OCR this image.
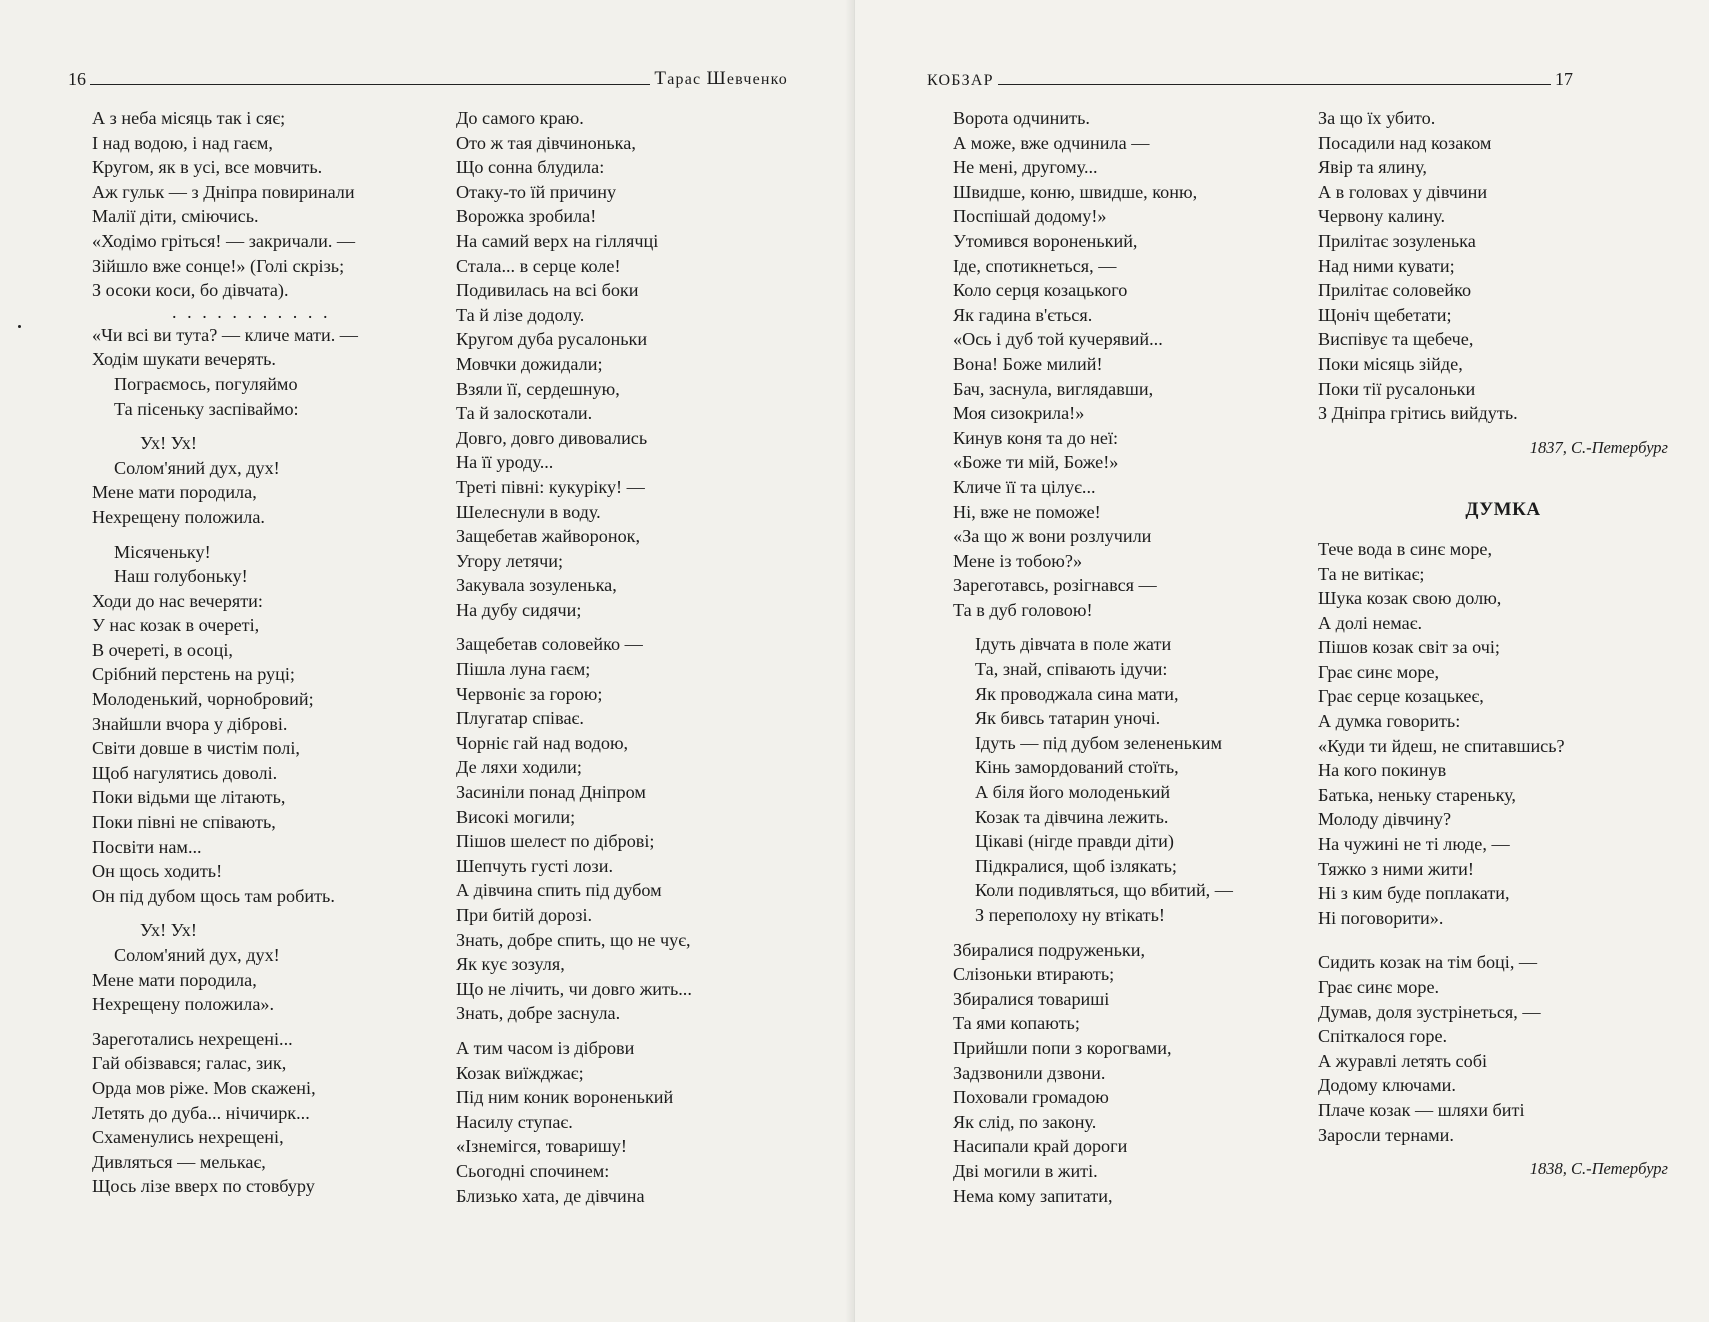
16	Тарас Шевченко
А з неба місяць так і сяє;
І над водою, і над гаєм,
Кругом, як в усі, все мовчить.
Аж гульк — з Дніпра повиринали
Малії діти, сміючись.
«Ходімо гріться! — закричали. —
Зійшло вже сонце!» (Голі скрізь;
З осоки коси, бо дівчата).
. . . . . . . . . . .
«Чи всі ви тута? — кличе мати. —
Ходім шукати вечерять.
Пограємось, погуляймо
Та пісеньку заспіваймо:
Ух! Ух!
Солом'яний дух, дух!
Мене мати породила,
Нехрещену положила.
Місяченьку!
Наш голубоньку!
Ходи до нас вечеряти:
У нас козак в очереті,
В очереті, в осоці,
Срібний перстень на руці;
Молоденький, чорнобровий;
Знайшли вчора у діброві.
Світи довше в чистім полі,
Щоб нагулятись доволі.
Поки відьми ще літають,
Поки півні не співають,
Посвіти нам...
Он щось ходить!
Он під дубом щось там робить.
Ух! Ух!
Солом'яний дух, дух!
Мене мати породила,
Нехрещену положила».
Зареготались нехрещені...
Гай обізвався; галас, зик,
Орда мов ріже. Мов скажені,
Летять до дуба... нічичирк...
Схаменулись нехрещені,
Дивляться — мелькає,
Щось лізе вверх по стовбуру
До самого краю.
Ото ж тая дівчинонька,
Що сонна блудила:
Отаку-то їй причину
Ворожка зробила!
На самий верх на гіллячці
Стала... в серце коле!
Подивилась на всі боки
Та й лізе додолу.
Кругом дуба русалоньки
Мовчки дожидали;
Взяли її, сердешную,
Та й залоскотали.
Довго, довго дивовались
На її уроду...
Треті півні: кукуріку! —
Шелеснули в воду.
Защебетав жайворонок,
Угору летячи;
Закувала зозуленька,
На дубу сидячи;
Защебетав соловейко —
Пішла луна гаєм;
Червоніє за горою;
Плугатар співає.
Чорніє гай над водою,
Де ляхи ходили;
Засиніли понад Дніпром
Високі могили;
Пішов шелест по діброві;
Шепчуть густі лози.
А дівчина спить під дубом
При битій дорозі.
Знать, добре спить, що не чує,
Як кує зозуля,
Що не лічить, чи довго жить...
Знать, добре заснула.
А тим часом із діброви
Козак виїжджає;
Під ним коник вороненький
Насилу ступає.
«Ізнемігся, товаришу!
Сьогодні спочинем:
Близько хата, де дівчина
КОБЗАР	17
Ворота одчинить.
А може, вже одчинила —
Не мені, другому...
Швидше, коню, швидше, коню,
Поспішай додому!»
Утомився вороненький,
Іде, спотикнеться, —
Коло серця козацького
Як гадина в'ється.
«Ось і дуб той кучерявий...
Вона! Боже милий!
Бач, заснула, виглядавши,
Моя сизокрила!»
Кинув коня та до неї:
«Боже ти мій, Боже!»
Кличе її та цілує...
Ні, вже не поможе!
«За що ж вони розлучили
Мене із тобою?»
Зареготавсь, розігнався —
Та в дуб головою!
Ідуть дівчата в поле жати
Та, знай, співають ідучи:
Як проводжала сина мати,
Як бивсь татарин уночі.
Ідуть — під дубом зелененьким
Кінь замордований стоїть,
А біля його молоденький
Козак та дівчина лежить.
Цікаві (нігде правди діти)
Підкралися, щоб ізлякать;
Коли подивляться, що вбитий, —
З переполоху ну втікать!
Збиралися подруженьки,
Слізоньки втирають;
Збиралися товариші
Та ями копають;
Прийшли попи з корогвами,
Задзвонили дзвони.
Поховали громадою
Як слід, по закону.
Насипали край дороги
Дві могили в житі.
Нема кому запитати,
За що їх убито.
Посадили над козаком
Явір та ялину,
А в головах у дівчини
Червону калину.
Прилітає зозуленька
Над ними кувати;
Прилітає соловейко
Щоніч щебетати;
Виспівує та щебече,
Поки місяць зійде,
Поки тії русалоньки
З Дніпра грітись вийдуть.
1837, С.-Петербург
ДУМКА
Тече вода в синє море,
Та не витікає;
Шука козак свою долю,
А долі немає.
Пішов козак світ за очі;
Грає синє море,
Грає серце козацькеє,
А думка говорить:
«Куди ти йдеш, не спитавшись?
На кого покинув
Батька, неньку стареньку,
Молоду дівчину?
На чужині не ті люде, —
Тяжко з ними жити!
Ні з ким буде поплакати,
Ні поговорити».
Сидить козак на тім боці, —
Грає синє море.
Думав, доля зустрінеться, —
Спіткалося горе.
А журавлі летять собі
Додому ключами.
Плаче козак — шляхи биті
Заросли тернами.
1838, С.-Петербург
